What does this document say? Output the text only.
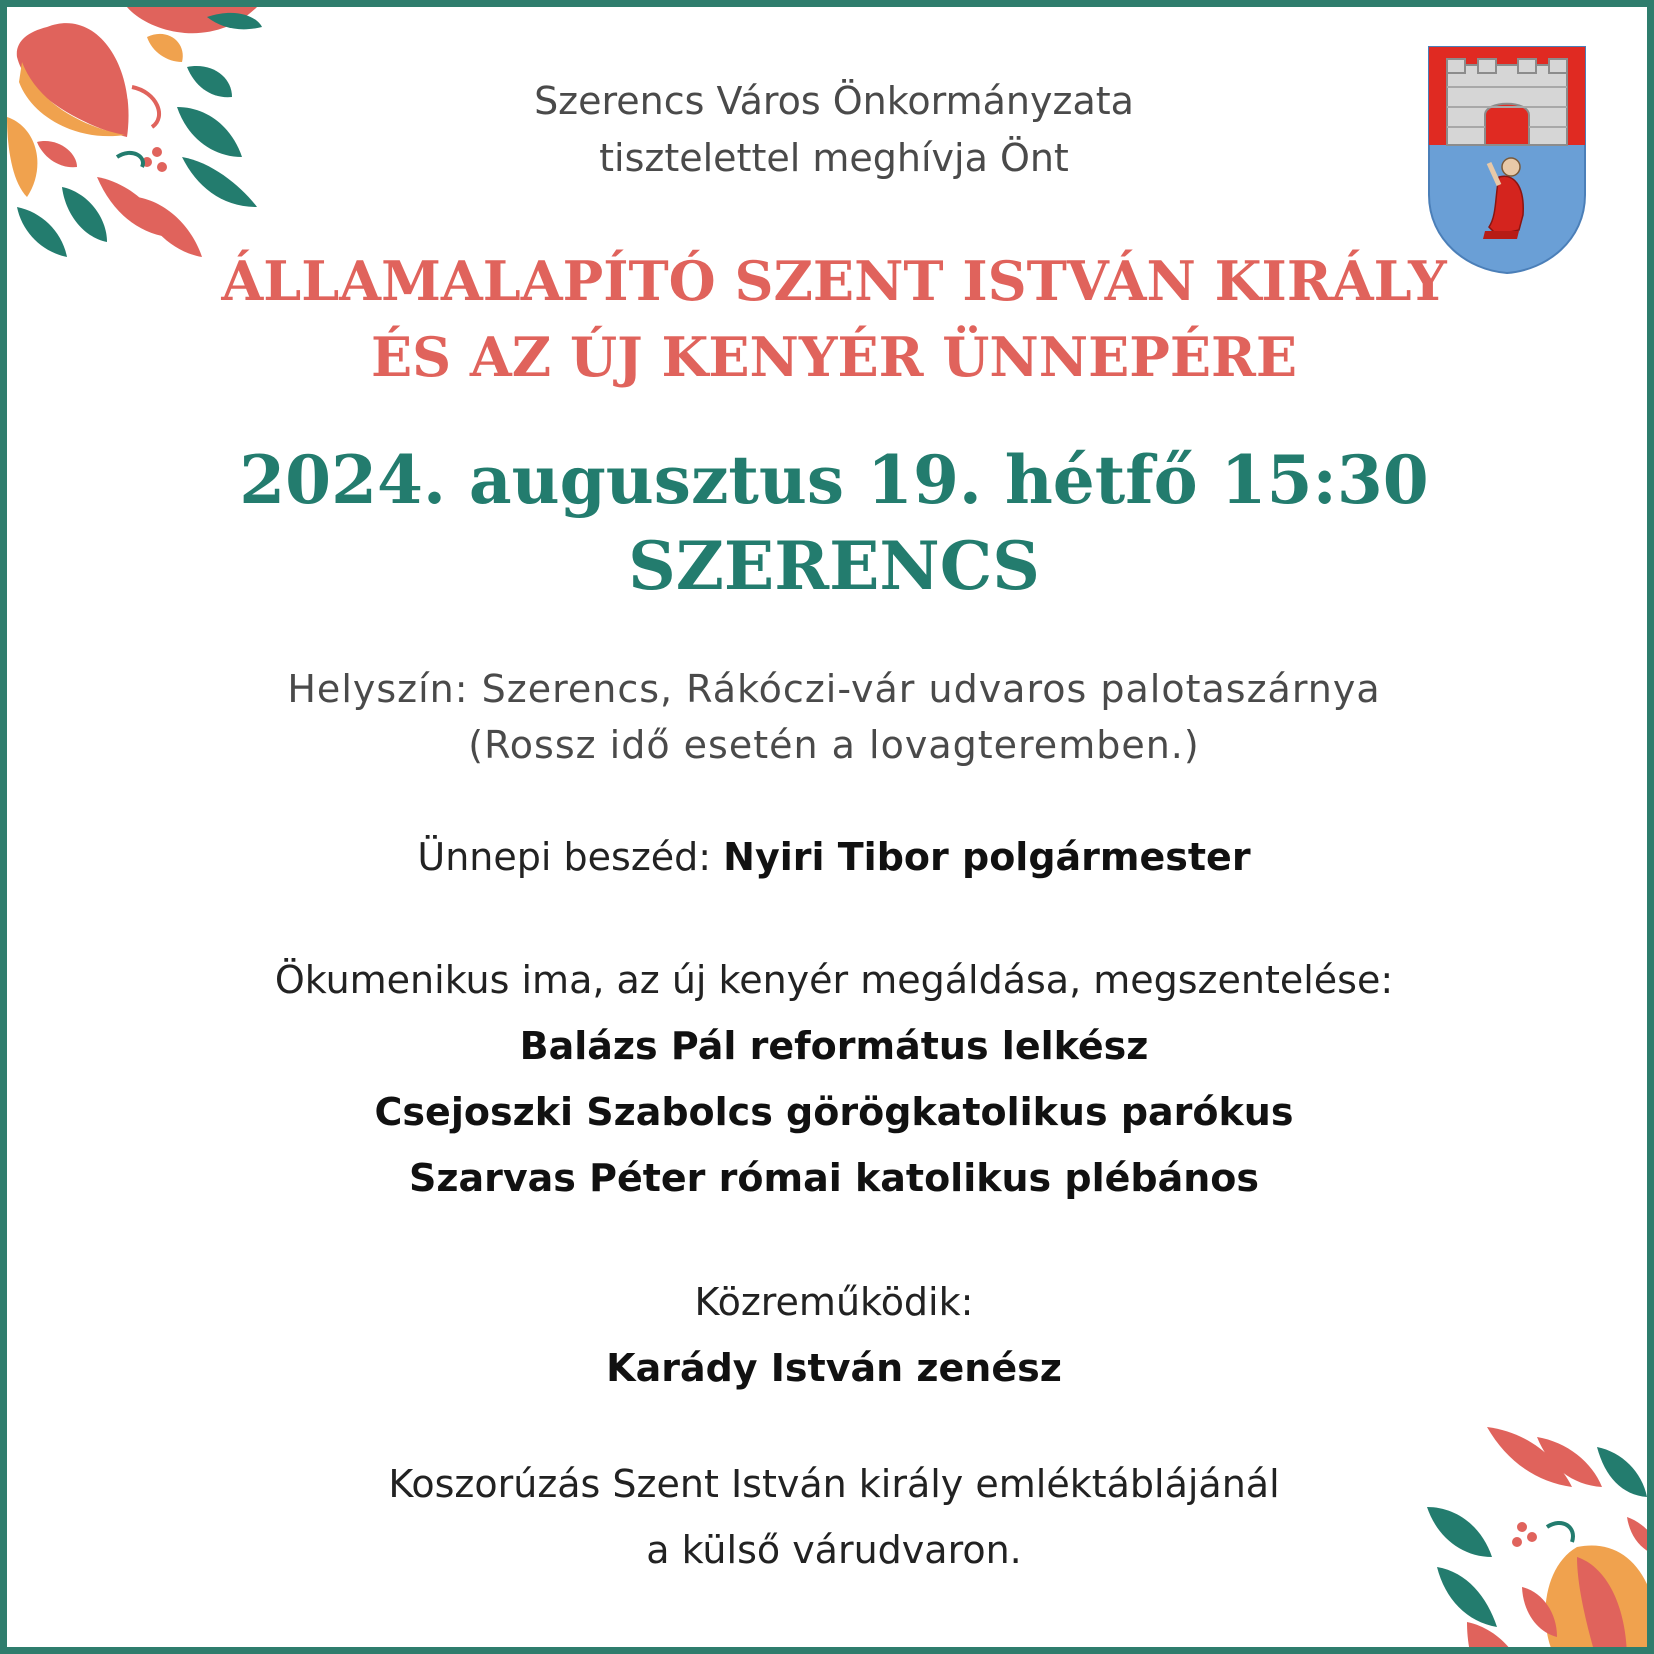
Szerencs Város Önkormányzata
tisztelettel meghívja Önt
ÁLLAMALAPÍTÓ SZENT ISTVÁN KIRÁLY
ÉS AZ ÚJ KENYÉR ÜNNEPÉRE
2024. augusztus 19. hétfő 15:30
SZERENCS
Helyszín: Szerencs, Rákóczi-vár udvaros palotaszárnya
(Rossz idő esetén a lovagteremben.)
Ünnepi beszéd: Nyiri Tibor polgármester
Ökumenikus ima, az új kenyér megáldása, megszentelése:
Balázs Pál református lelkész
Csejoszki Szabolcs görögkatolikus parókus
Szarvas Péter római katolikus plébános
Közreműködik:
Karády István zenész
Koszorúzás Szent István király emléktáblájánál
a külső várudvaron.
